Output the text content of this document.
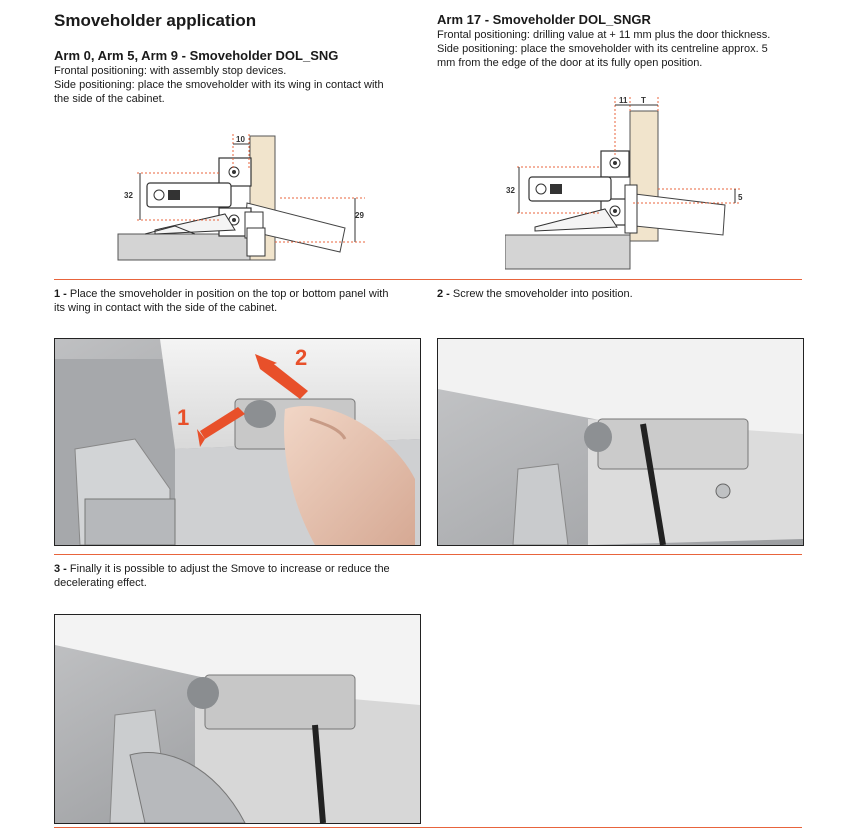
Smoveholder application
Arm 0, Arm 5, Arm 9 - Smoveholder DOL_SNG
Frontal positioning: with assembly stop devices.
Side positioning: place the smoveholder with its wing in contact with
the side of the cabinet.
Arm 17 - Smoveholder DOL_SNGR
Frontal positioning: drilling value at + 11 mm plus the door thickness.
Side positioning: place the smoveholder with its centreline approx. 5
mm from the edge of the door at its fully open position.
10
32
29
11 T
32
5
1 - Place the smoveholder in position on the top or bottom panel with
its wing in contact with the side of the cabinet.
2 - Screw the smoveholder into position.
1
2
3 - Finally it is possible to adjust the Smove to increase or reduce the
decelerating effect.
